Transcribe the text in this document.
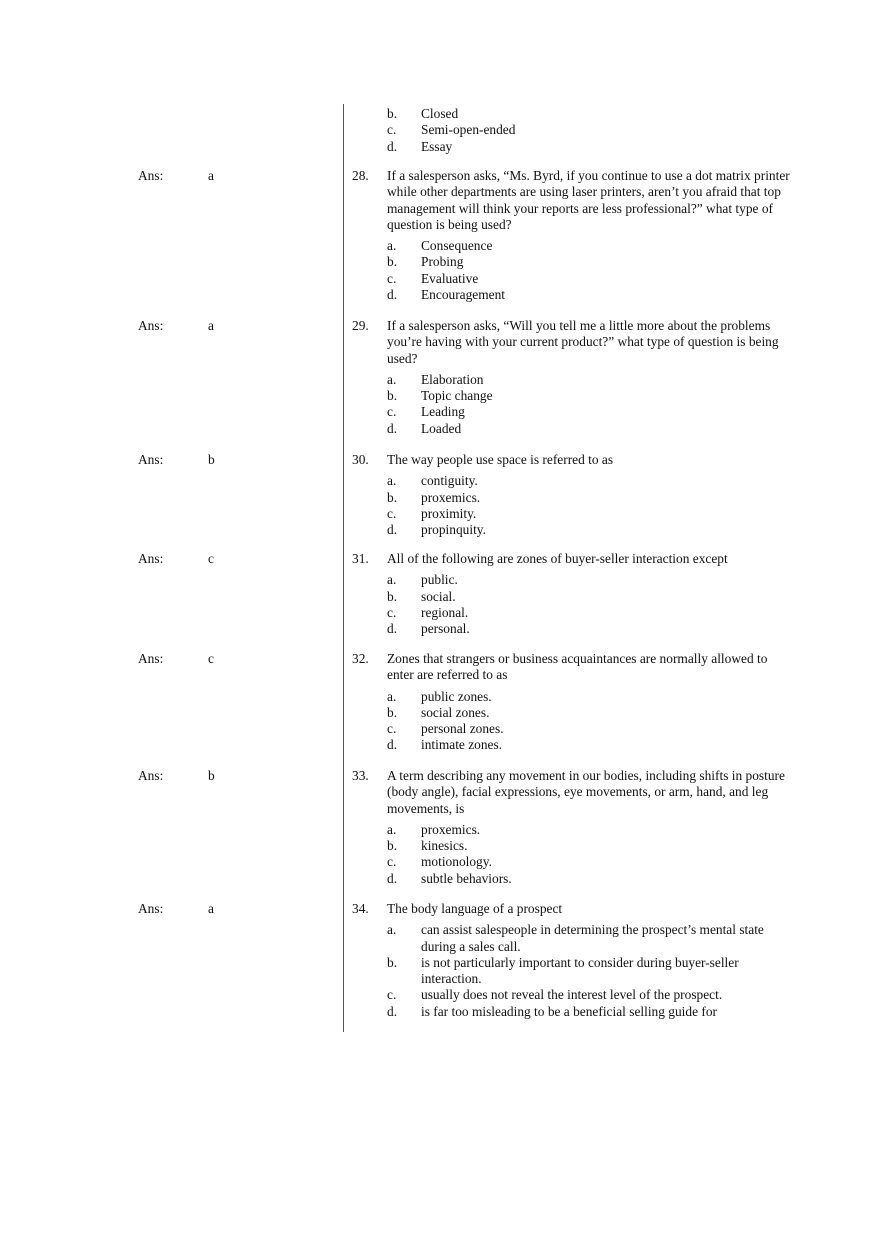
b.	Closed
c.	Semi-open-ended
d.	Essay
Ans:	a	28.	If a salesperson asks, “Ms. Byrd, if you continue to use a dot matrix printer while other departments are using laser printers, aren’t you afraid that top management will think your reports are less professional?” what type of question is being used?
a.	Consequence
b.	Probing
c.	Evaluative
d.	Encouragement
Ans:	a	29.	If a salesperson asks, “Will you tell me a little more about the problems you’re having with your current product?” what type of question is being used?
a.	Elaboration
b.	Topic change
c.	Leading
d.	Loaded
Ans:	b	30.	The way people use space is referred to as
a.	contiguity.
b.	proxemics.
c.	proximity.
d.	propinquity.
Ans:	c	31.	All of the following are zones of buyer-seller interaction except
a.	public.
b.	social.
c.	regional.
d.	personal.
Ans:	c	32.	Zones that strangers or business acquaintances are normally allowed to enter are referred to as
a.	public zones.
b.	social zones.
c.	personal zones.
d.	intimate zones.
Ans:	b	33.	A term describing any movement in our bodies, including shifts in posture (body angle), facial expressions, eye movements, or arm, hand, and leg movements, is
a.	proxemics.
b.	kinesics.
c.	motionology.
d.	subtle behaviors.
Ans:	a	34.	The body language of a prospect
a.	can assist salespeople in determining the prospect’s mental state during a sales call.
b.	is not particularly important to consider during buyer-seller interaction.
c.	usually does not reveal the interest level of the prospect.
d.	is far too misleading to be a beneficial selling guide for
